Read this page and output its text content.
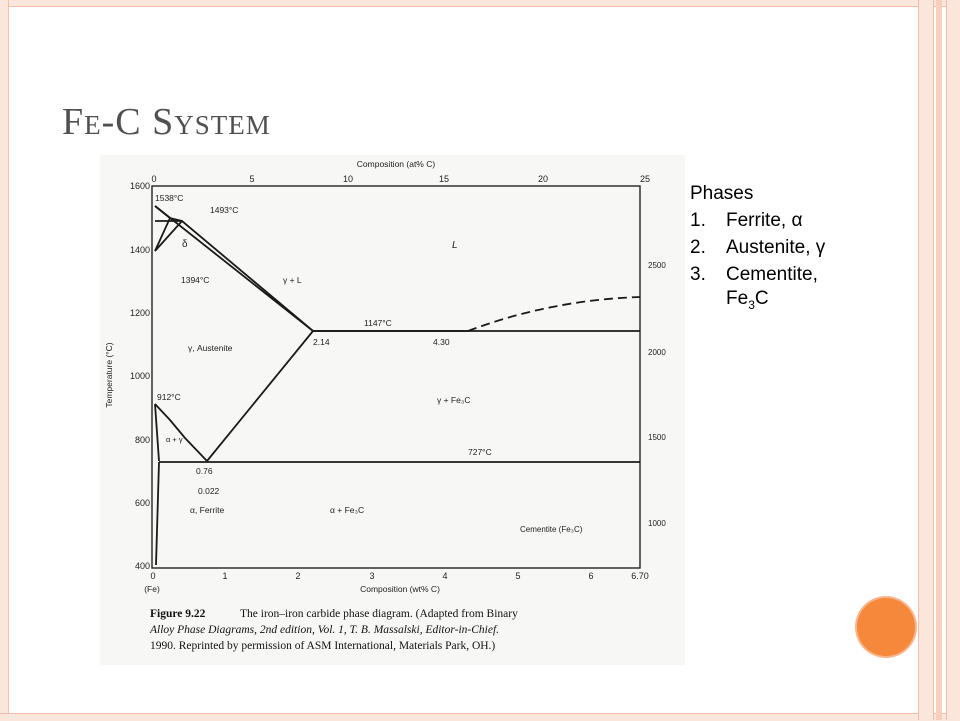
Fe-C System
Composition (at% C)
0	5	10	15	20	25
Temperature (°C)
1600
1400
1200
1000
800
600
400
2500
2000
1500
1000
0	1	2	3	4	5	6	6.70
(Fe)	Composition (wt% C)
1538°C
1493°C
δ
1394°C
L
γ + L
1147°C
2.14	4.30
γ, Austenite
912°C	γ + Fe₃C
α + γ
727°C
0.76
0.022
α, Ferrite	α + Fe₃C
Cementite (Fe₃C)
Figure 9.22	The iron–iron carbide phase diagram. (Adapted from Binary
Alloy Phase Diagrams, 2nd edition, Vol. 1, T. B. Massalski, Editor-in-Chief.
1990. Reprinted by permission of ASM International, Materials Park, OH.)

Phases

1.	Ferrite, α
2.	Austenite, γ
3.	Cementite,
$Fe_3C$
